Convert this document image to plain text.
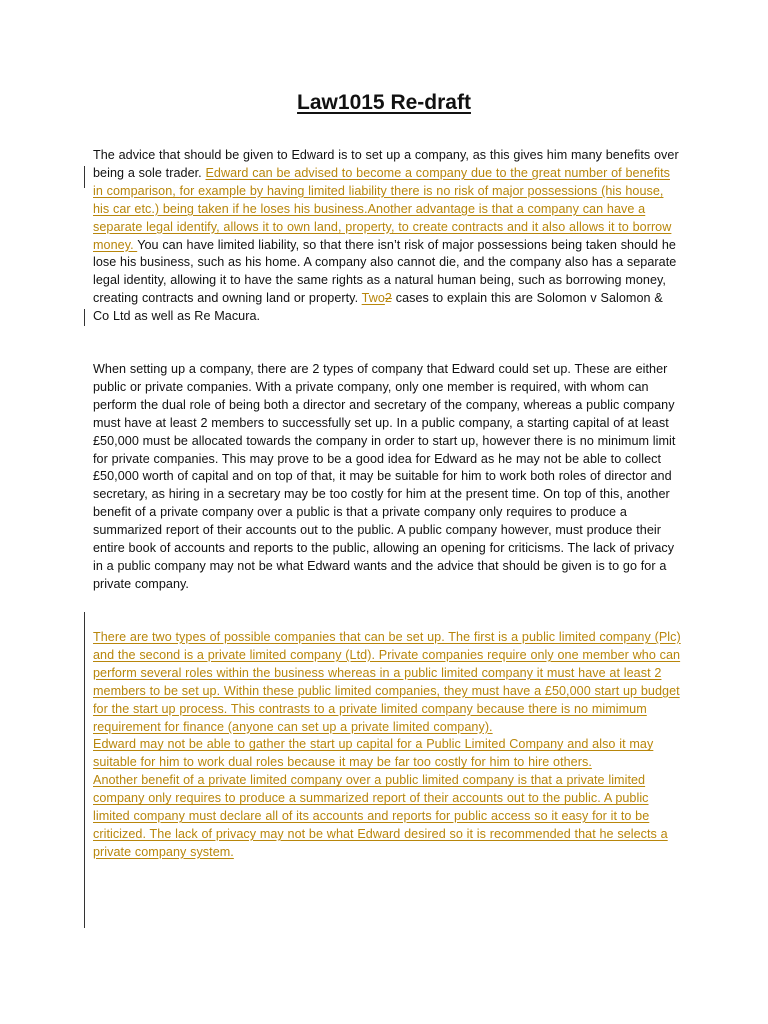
Law1015 Re-draft

The advice that should be given to Edward is to set up a company, as this gives him many benefits over being a sole trader. Edward can be advised to become a company due to the great number of benefits in comparison, for example by having limited liability there is no risk of major possessions (his house, his car etc.) being taken if he loses his business.Another advantage is that a company can have a separate legal identify, allows it to own land, property, to create contracts and it also allows it to borrow money. You can have limited liability, so that there isn’t risk of major possessions being taken should he lose his business, such as his home. A company also cannot die, and the company also has a separate legal identity, allowing it to have the same rights as a natural human being, such as borrowing money, creating contracts and owning land or property. Two2 cases to explain this are Solomon v Salomon & Co Ltd as well as Re Macura.

When setting up a company, there are 2 types of company that Edward could set up. These are either public or private companies. With a private company, only one member is required, with whom can perform the dual role of being both a director and secretary of the company, whereas a public company must have at least 2 members to successfully set up. In a public company, a starting capital of at least £50,000 must be allocated towards the company in order to start up, however there is no minimum limit for private companies. This may prove to be a good idea for Edward as he may not be able to collect £50,000 worth of capital and on top of that, it may be suitable for him to work both roles of director and secretary, as hiring in a secretary may be too costly for him at the present time. On top of this, another benefit of a private company over a public is that a private company only requires to produce a summarized report of their accounts out to the public. A public company however, must produce their entire book of accounts and reports to the public, allowing an opening for criticisms. The lack of privacy in a public company may not be what Edward wants and the advice that should be given is to go for a private company.

There are two types of possible companies that can be set up. The first is a public limited company (Plc) and the second is a private limited company (Ltd). Private companies require only one member who can perform several roles within the business whereas in a public limited company it must have at least 2 members to be set up. Within these public limited companies, they must have a £50,000 start up budget for the start up process. This contrasts to a private limited company because there is no mimimum requirement for finance (anyone can set up a private limited company).

Edward may not be able to gather the start up capital for a Public Limited Company and also it may suitable for him to work dual roles because it may be far too costly for him to hire others.

Another benefit of a private limited company over a public limited company is that a private limited company only requires to produce a summarized report of their accounts out to the public. A public limited company must declare all of its accounts and reports for public access so it easy for it to be criticized. The lack of privacy may not be what Edward desired so it is recommended that he selects a private company system.
